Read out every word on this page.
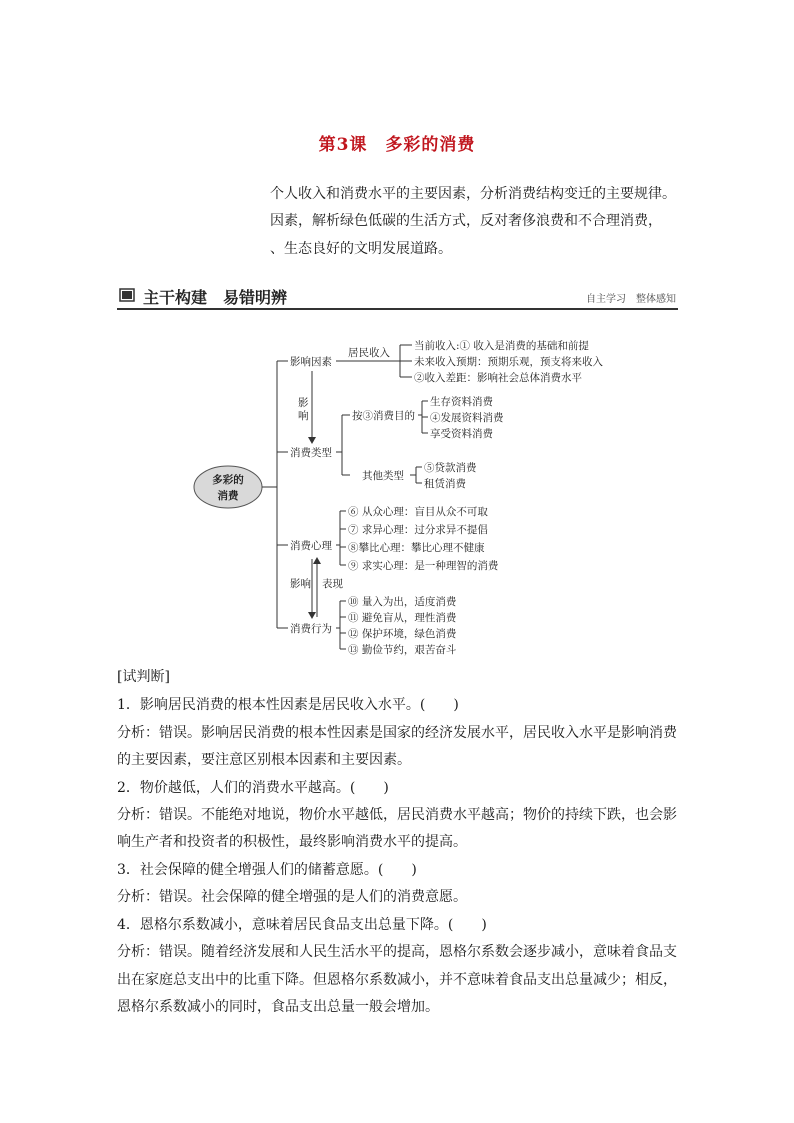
第3课　多彩的消费
个人收入和消费水平的主要因素，分析消费结构变迁的主要规律。
因素，解析绿色低碳的生活方式，反对奢侈浪费和不合理消费，
、生态良好的文明发展道路。
主干构建　易错明辨	自主学习　整体感知
多彩的
消费
影响因素
消费类型
消费心理
消费行为
影
响
居民收入
当前收入:① 收入是消费的基础和前提
未来收入预期：预期乐观，预支将来收入
②收入差距：影响社会总体消费水平
按③消费目的
生存资料消费
④发展资料消费
享受资料消费
其他类型
⑤贷款消费
租赁消费
⑥ 从众心理：盲目从众不可取
⑦ 求异心理：过分求异不提倡
⑧攀比心理：攀比心理不健康
⑨ 求实心理：是一种理智的消费
影响 表现
⑩ 量入为出，适度消费
⑪ 避免盲从，理性消费
⑫ 保护环境，绿色消费
⑬ 勤俭节约，艰苦奋斗
[试判断]
1．影响居民消费的根本性因素是居民收入水平。(　　)
分析：错误。影响居民消费的根本性因素是国家的经济发展水平，居民收入水平是影响消费
的主要因素，要注意区别根本因素和主要因素。
2．物价越低，人们的消费水平越高。(　　)
分析：错误。不能绝对地说，物价水平越低，居民消费水平越高；物价的持续下跌，也会影
响生产者和投资者的积极性，最终影响消费水平的提高。
3．社会保障的健全增强人们的储蓄意愿。(　　)
分析：错误。社会保障的健全增强的是人们的消费意愿。
4．恩格尔系数减小，意味着居民食品支出总量下降。(　　)
分析：错误。随着经济发展和人民生活水平的提高，恩格尔系数会逐步减小，意味着食品支
出在家庭总支出中的比重下降。但恩格尔系数减小，并不意味着食品支出总量减少；相反，
恩格尔系数减小的同时，食品支出总量一般会增加。
